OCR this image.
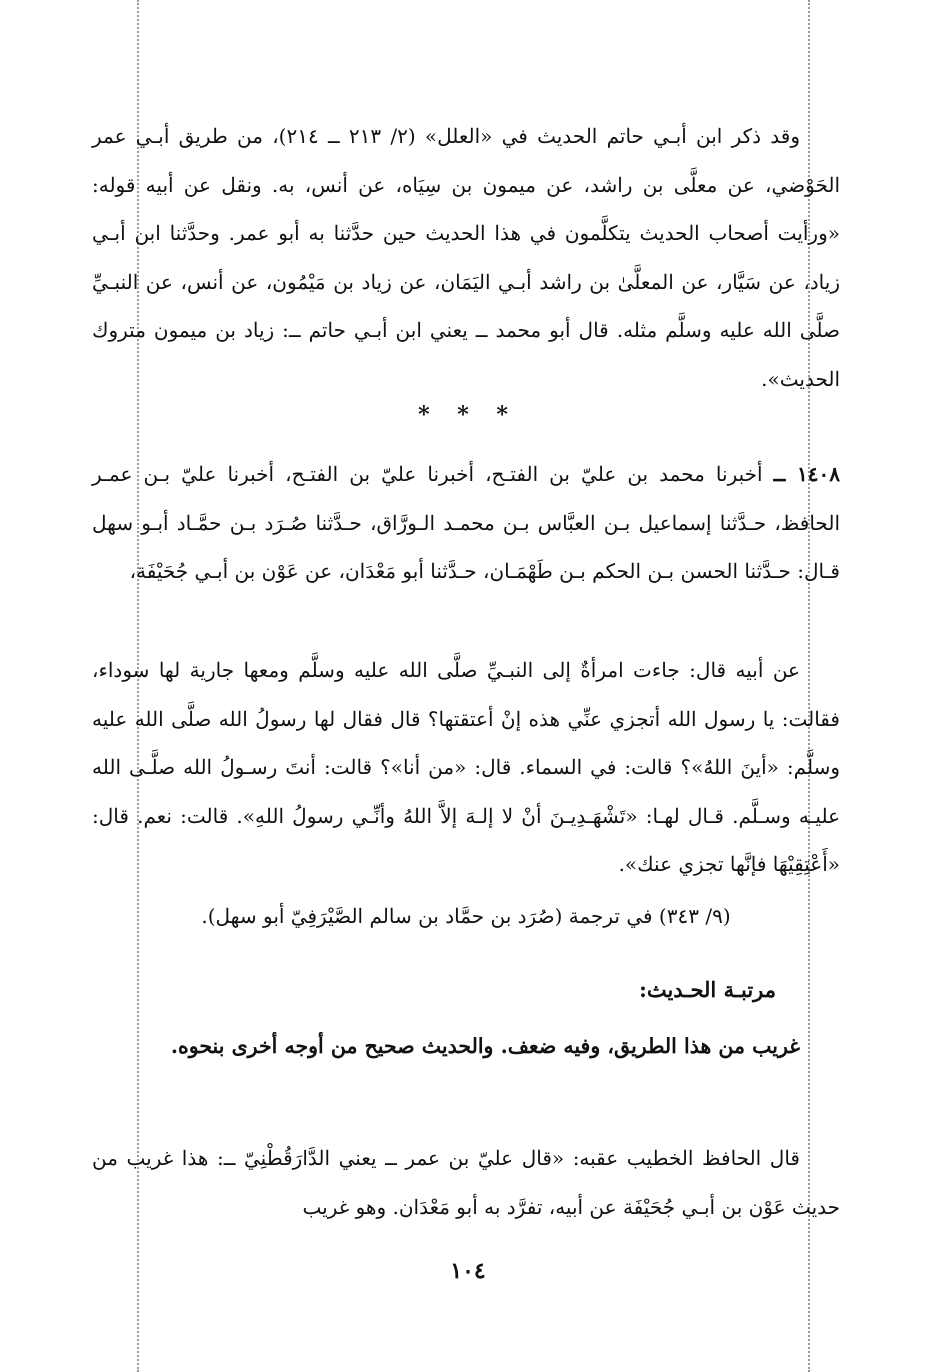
وقد ذكر ابن أبـي حاتم الحديث في «العلل» (٢/ ٢١٣ ــ ٢١٤)، من طريق أبـي عمر الحَوْضي، عن معلَّى بن راشد، عن ميمون بن سِيَاه، عن أنس، به. ونقل عن أبيه قوله: «ورأيت أصحاب الحديث يتكلَّمون في هذا الحديث حين حدَّثنا به أبو عمر. وحدَّثنا ابن أبـي زياد، عن سَيَّار، عن المعلَّىٰ بن راشد أبـي اليَمَان، عن زياد بن مَيْمُون، عن أنس، عن النبـيِّ صلَّى الله عليه وسلَّم مثله. قال أبو محمد ــ يعني ابن أبـي حاتم ــ: زياد بن ميمون متروك الحديث».

* * *

١٤٠٨ ــ أخبرنا محمد بن عليّ بن الفتـح، أخبرنا عليّ بن الفتـح، أخبرنا عليّ بـن عمـر الحافظ، حـدَّثنا إسماعيل بـن العبَّاس بـن محمـد الـورَّاق، حـدَّثنا صُـرَد بـن حمَّـاد أبـو سهل قـال: حـدَّثنا الحسن بـن الحكم بـن طَهْمَـان، حـدَّثنا أبو مَعْدَان، عن عَوْن بن أبـي جُحَيْفَة،

عن أبيه قال: جاءت امرأةٌ إلى النبـيِّ صلَّى الله عليه وسلَّم ومعها جارية لها سوداء، فقالت: يا رسول الله أتجزي عنِّي هذه إنْ أعتقتها؟ قال فقال لها رسولُ الله صلَّى الله عليه وسلَّم: «أينَ اللهُ»؟ قالت: في السماء. قال: «من أنا»؟ قالت: أنتَ رسـولُ الله صلَّـى الله عليـه وسـلَّم. قـال لهـا: «تَشْهَـدِيـنَ أنْ لا إلـهَ إلاَّ اللهُ وأنِّـي رسولُ اللهِ». قالت: نعم. قال: «أَعْتِقِيْهَا فإنَّها تجزي عنك».

(٩/ ٣٤٣) في ترجمة (صُرَد بن حمَّاد بن سالم الصَّيْرَفِيّ أبو سهل).

مرتبـة الحـديث:

غريب من هذا الطريق، وفيه ضعف. والحديث صحيح من أوجه أخرى بنحوه.

قال الحافظ الخطيب عقبه: «قال عليّ بن عمر ــ يعني الدَّارَقُطْنِيّ ــ: هذا غريب من حديث عَوْن بن أبـي جُحَيْفَة عن أبيه، تفرَّد به أبو مَعْدَان. وهو غريب

١٠٤
